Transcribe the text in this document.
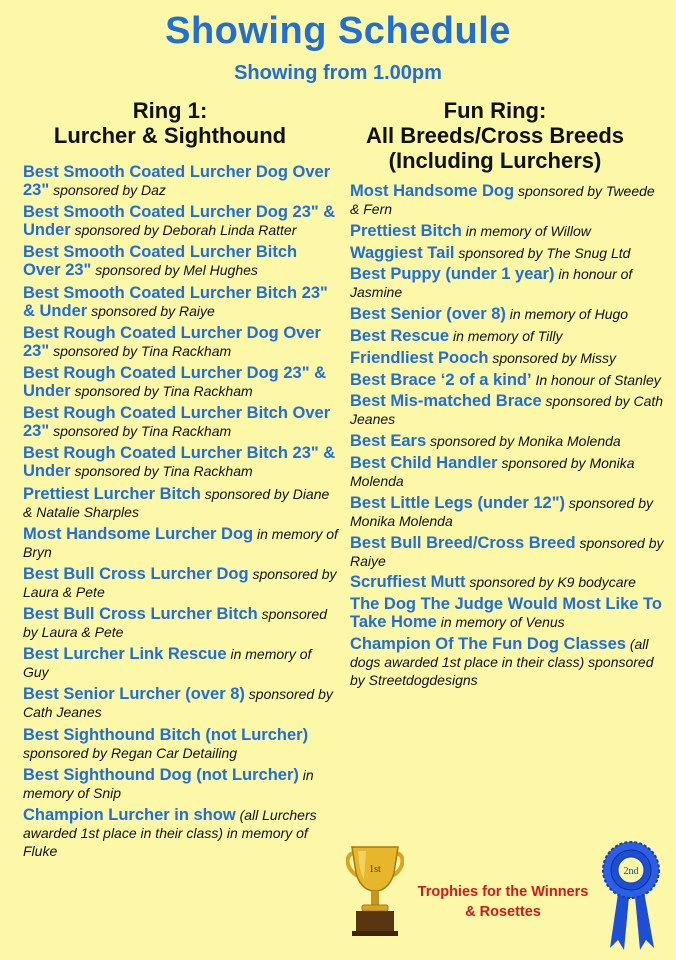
Showing Schedule
Showing from 1.00pm
Ring 1:
Lurcher & Sighthound
Fun Ring:
All Breeds/Cross Breeds
(Including Lurchers)
Best Smooth Coated Lurcher Dog Over 23" sponsored by Daz
Best Smooth Coated Lurcher Dog 23" & Under sponsored by Deborah Linda Ratter
Best Smooth Coated Lurcher Bitch Over 23" sponsored by Mel Hughes
Best Smooth Coated Lurcher Bitch 23" & Under sponsored by Raiye
Best Rough Coated Lurcher Dog Over 23" sponsored by Tina Rackham
Best Rough Coated Lurcher Dog 23" & Under sponsored by Tina Rackham
Best Rough Coated Lurcher Bitch Over 23" sponsored by Tina Rackham
Best Rough Coated Lurcher Bitch 23" & Under sponsored by Tina Rackham
Prettiest Lurcher Bitch sponsored by Diane & Natalie Sharples
Most Handsome Lurcher Dog in memory of Bryn
Best Bull Cross Lurcher Dog sponsored by Laura & Pete
Best Bull Cross Lurcher Bitch sponsored by Laura & Pete
Best Lurcher Link Rescue in memory of Guy
Best Senior Lurcher (over 8) sponsored by Cath Jeanes
Best Sighthound Bitch (not Lurcher) sponsored by Regan Car Detailing
Best Sighthound Dog (not Lurcher) in memory of Snip
Champion Lurcher in show (all Lurchers awarded 1st place in their class) in memory of Fluke
Most Handsome Dog sponsored by Tweede & Fern
Prettiest Bitch in memory of Willow
Waggiest Tail sponsored by The Snug Ltd
Best Puppy (under 1 year) in honour of Jasmine
Best Senior (over 8) in memory of Hugo
Best Rescue in memory of Tilly
Friendliest Pooch sponsored by Missy
Best Brace ‘2 of a kind’ In honour of Stanley
Best Mis-matched Brace sponsored by Cath Jeanes
Best Ears sponsored by Monika Molenda
Best Child Handler sponsored by Monika Molenda
Best Little Legs (under 12") sponsored by Monika Molenda
Best Bull Breed/Cross Breed sponsored by Raiye
Scruffiest Mutt sponsored by K9 bodycare
The Dog The Judge Would Most Like To Take Home in memory of Venus
Champion Of The Fun Dog Classes (all dogs awarded 1st place in their class) sponsored by Streetdogdesigns
1st
Trophies for the Winners
& Rosettes
2nd
